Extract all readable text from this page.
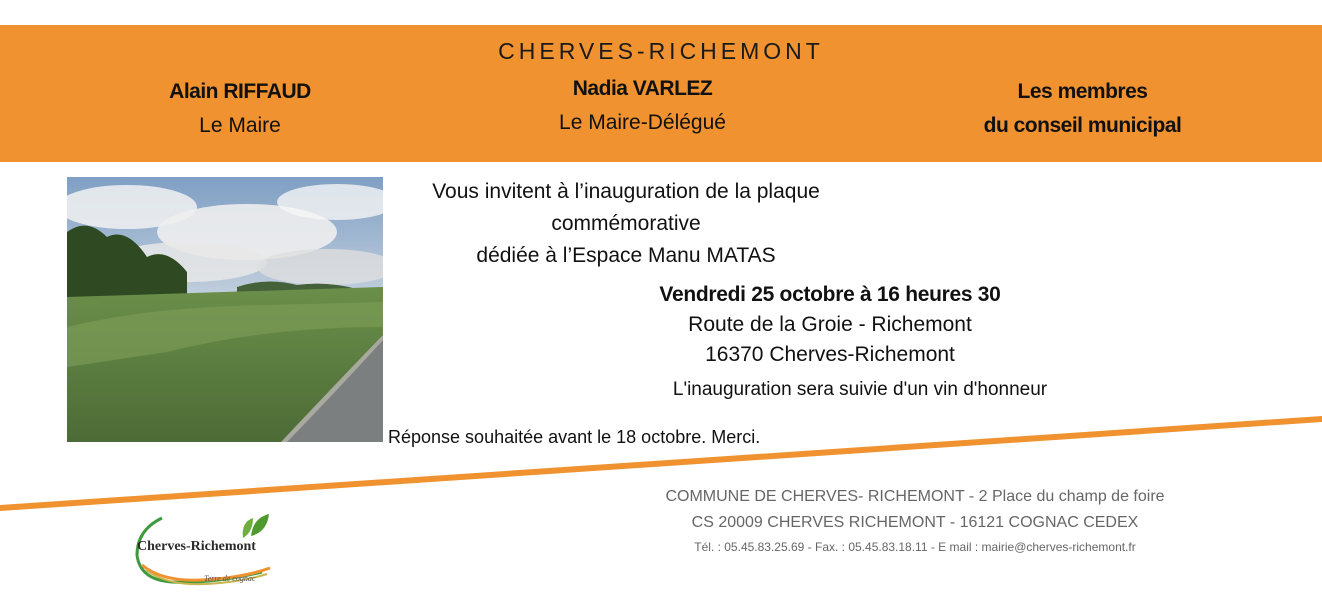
CHERVES-RICHEMONT
Alain RIFFAUD
Le Maire
Nadia VARLEZ
Le Maire-Délégué
Les membres
du conseil municipal
Vous invitent à l’inauguration de la plaque commémorative
dédiée à l’Espace Manu MATAS
Vendredi 25 octobre à 16 heures 30
Route de la Groie - Richemont
16370 Cherves-Richemont
L'inauguration sera suivie d'un vin d'honneur
Réponse souhaitée avant le 18 octobre. Merci.
COMMUNE DE CHERVES- RICHEMONT - 2 Place du champ de foire
CS 20009 CHERVES RICHEMONT - 16121 COGNAC CEDEX
Tél. : 05.45.83.25.69 - Fax. : 05.45.83.18.11 - E mail : mairie@cherves-richemont.fr
Cherves-Richemont
Terre de cognac
